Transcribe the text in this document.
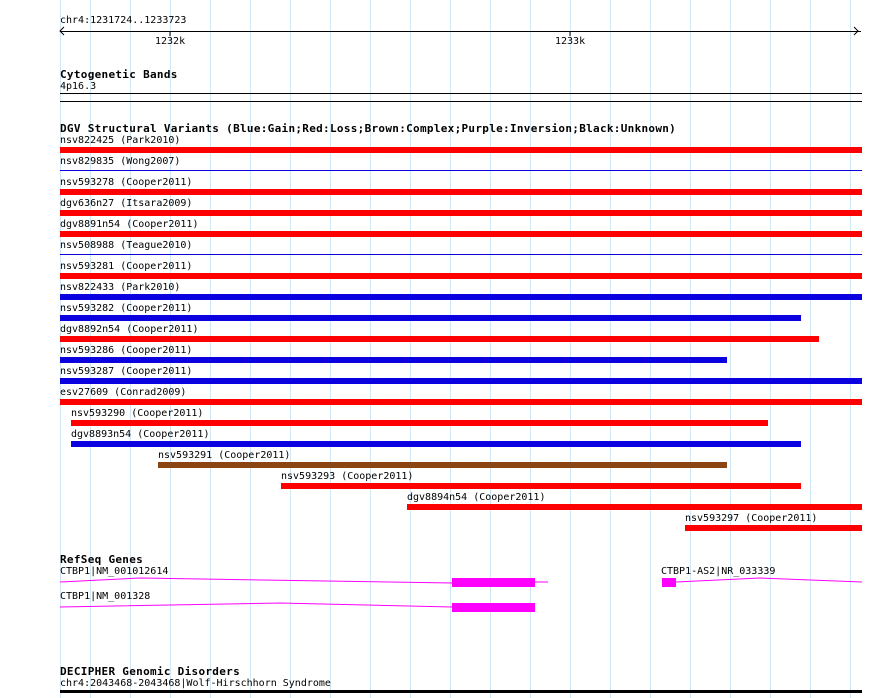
chr4:1231724..1233723
1232k	1233k
Cytogenetic Bands
4p16.3
DGV Structural Variants (Blue:Gain;Red:Loss;Brown:Complex;Purple:Inversion;Black:Unknown)
nsv822425 (Park2010)
nsv829835 (Wong2007)
nsv593278 (Cooper2011)
dgv636n27 (Itsara2009)
dgv8891n54 (Cooper2011)
nsv508988 (Teague2010)
nsv593281 (Cooper2011)
nsv822433 (Park2010)
nsv593282 (Cooper2011)
dgv8892n54 (Cooper2011)
nsv593286 (Cooper2011)
nsv593287 (Cooper2011)
esv27609 (Conrad2009)
nsv593290 (Cooper2011)
dgv8893n54 (Cooper2011)
nsv593291 (Cooper2011)
nsv593293 (Cooper2011)
dgv8894n54 (Cooper2011)
nsv593297 (Cooper2011)
RefSeq Genes
CTBP1|NM_001012614
CTBP1|NM_001328
CTBP1-AS2|NR_033339
DECIPHER Genomic Disorders
chr4:2043468-2043468|Wolf-Hirschhorn Syndrome
